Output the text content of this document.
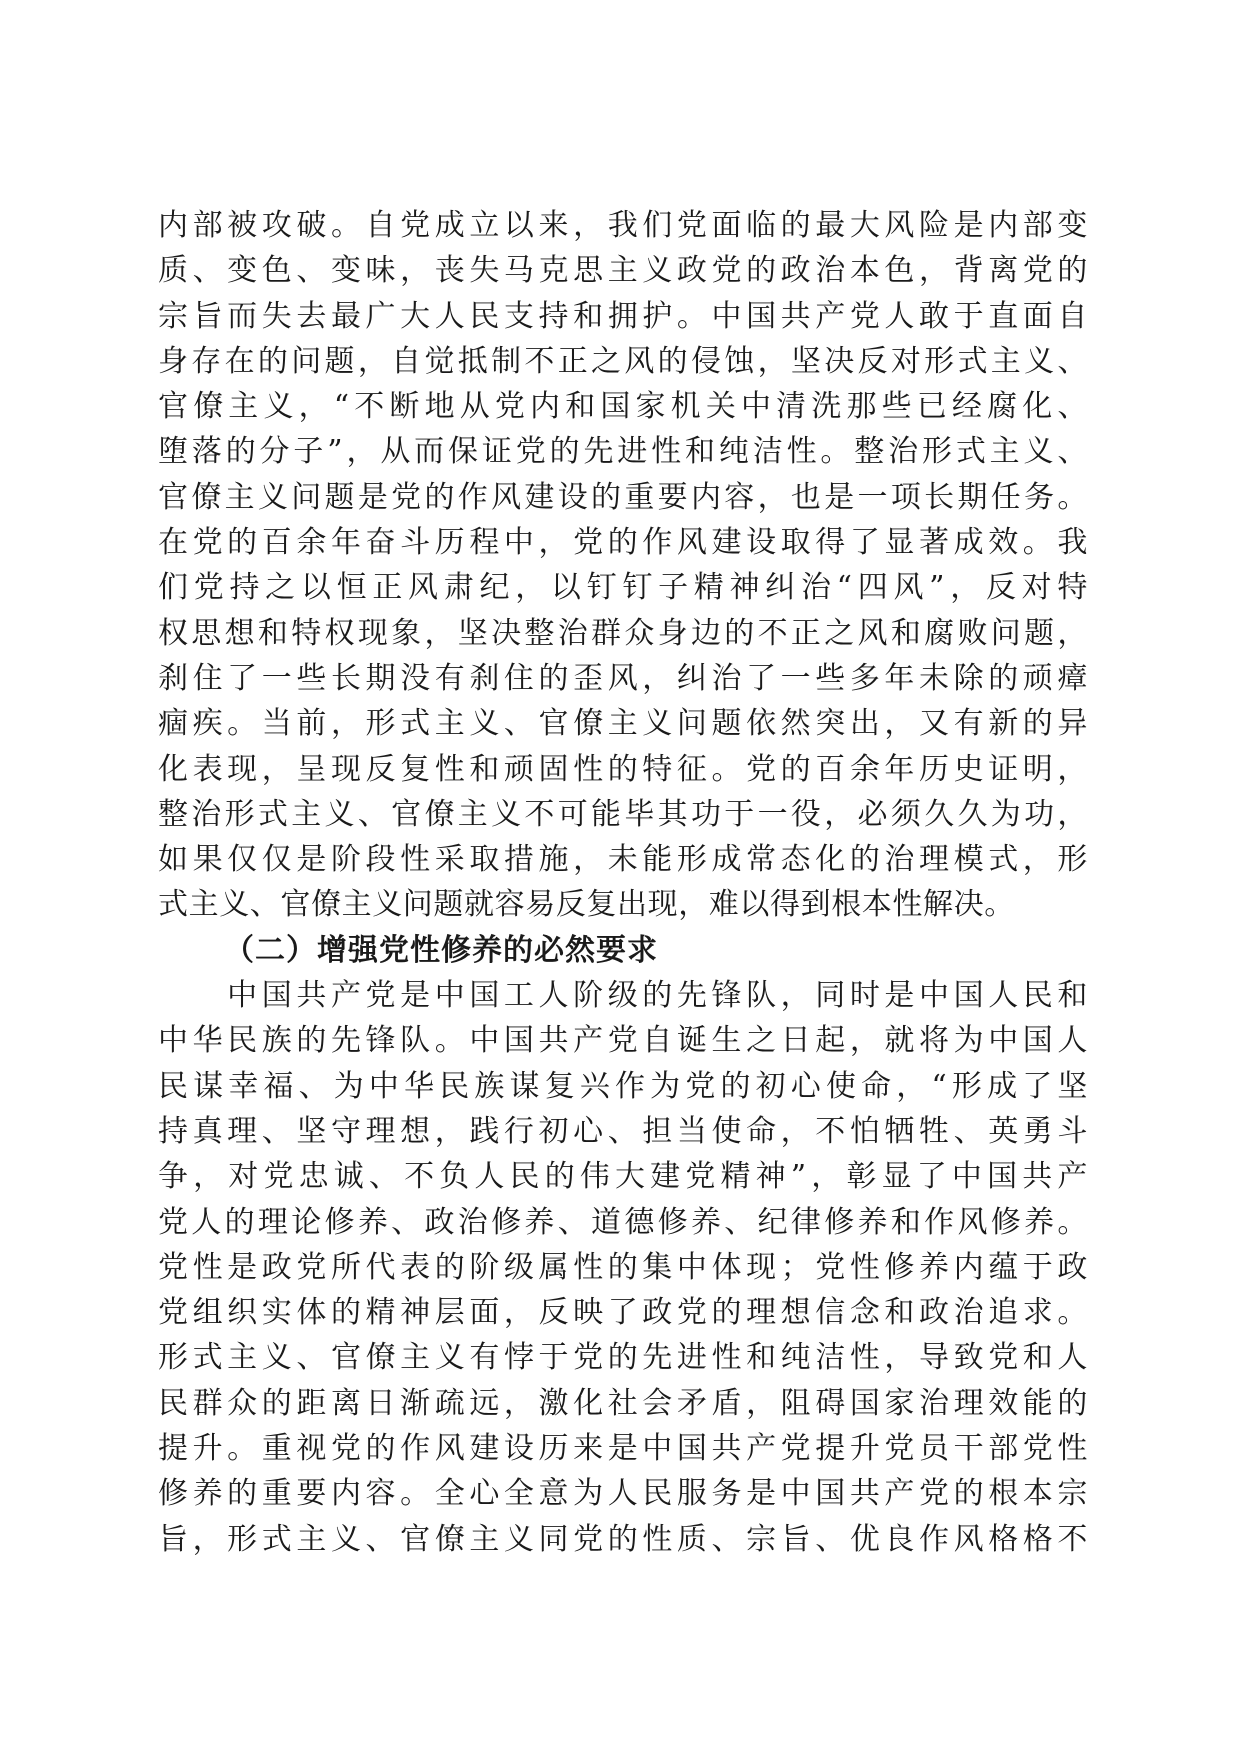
内部被攻破。自党成立以来，我们党面临的最大风险是内部变
质、变色、变味，丧失马克思主义政党的政治本色，背离党的
宗旨而失去最广大人民支持和拥护。中国共产党人敢于直面自
身存在的问题，自觉抵制不正之风的侵蚀，坚决反对形式主义、
官僚主义，“不断地从党内和国家机关中清洗那些已经腐化、
堕落的分子”，从而保证党的先进性和纯洁性。整治形式主义、
官僚主义问题是党的作风建设的重要内容，也是一项长期任务。
在党的百余年奋斗历程中，党的作风建设取得了显著成效。我
们党持之以恒正风肃纪，以钉钉子精神纠治“四风”，反对特
权思想和特权现象，坚决整治群众身边的不正之风和腐败问题，
刹住了一些长期没有刹住的歪风，纠治了一些多年未除的顽瘴
痼疾。当前，形式主义、官僚主义问题依然突出，又有新的异
化表现，呈现反复性和顽固性的特征。党的百余年历史证明，
整治形式主义、官僚主义不可能毕其功于一役，必须久久为功，
如果仅仅是阶段性采取措施，未能形成常态化的治理模式，形
式主义、官僚主义问题就容易反复出现，难以得到根本性解决。
（二）增强党性修养的必然要求
　　中国共产党是中国工人阶级的先锋队，同时是中国人民和
中华民族的先锋队。中国共产党自诞生之日起，就将为中国人
民谋幸福、为中华民族谋复兴作为党的初心使命，“形成了坚
持真理、坚守理想，践行初心、担当使命，不怕牺牲、英勇斗
争，对党忠诚、不负人民的伟大建党精神”，彰显了中国共产
党人的理论修养、政治修养、道德修养、纪律修养和作风修养。
党性是政党所代表的阶级属性的集中体现；党性修养内蕴于政
党组织实体的精神层面，反映了政党的理想信念和政治追求。
形式主义、官僚主义有悖于党的先进性和纯洁性，导致党和人
民群众的距离日渐疏远，激化社会矛盾，阻碍国家治理效能的
提升。重视党的作风建设历来是中国共产党提升党员干部党性
修养的重要内容。全心全意为人民服务是中国共产党的根本宗
旨，形式主义、官僚主义同党的性质、宗旨、优良作风格格不
